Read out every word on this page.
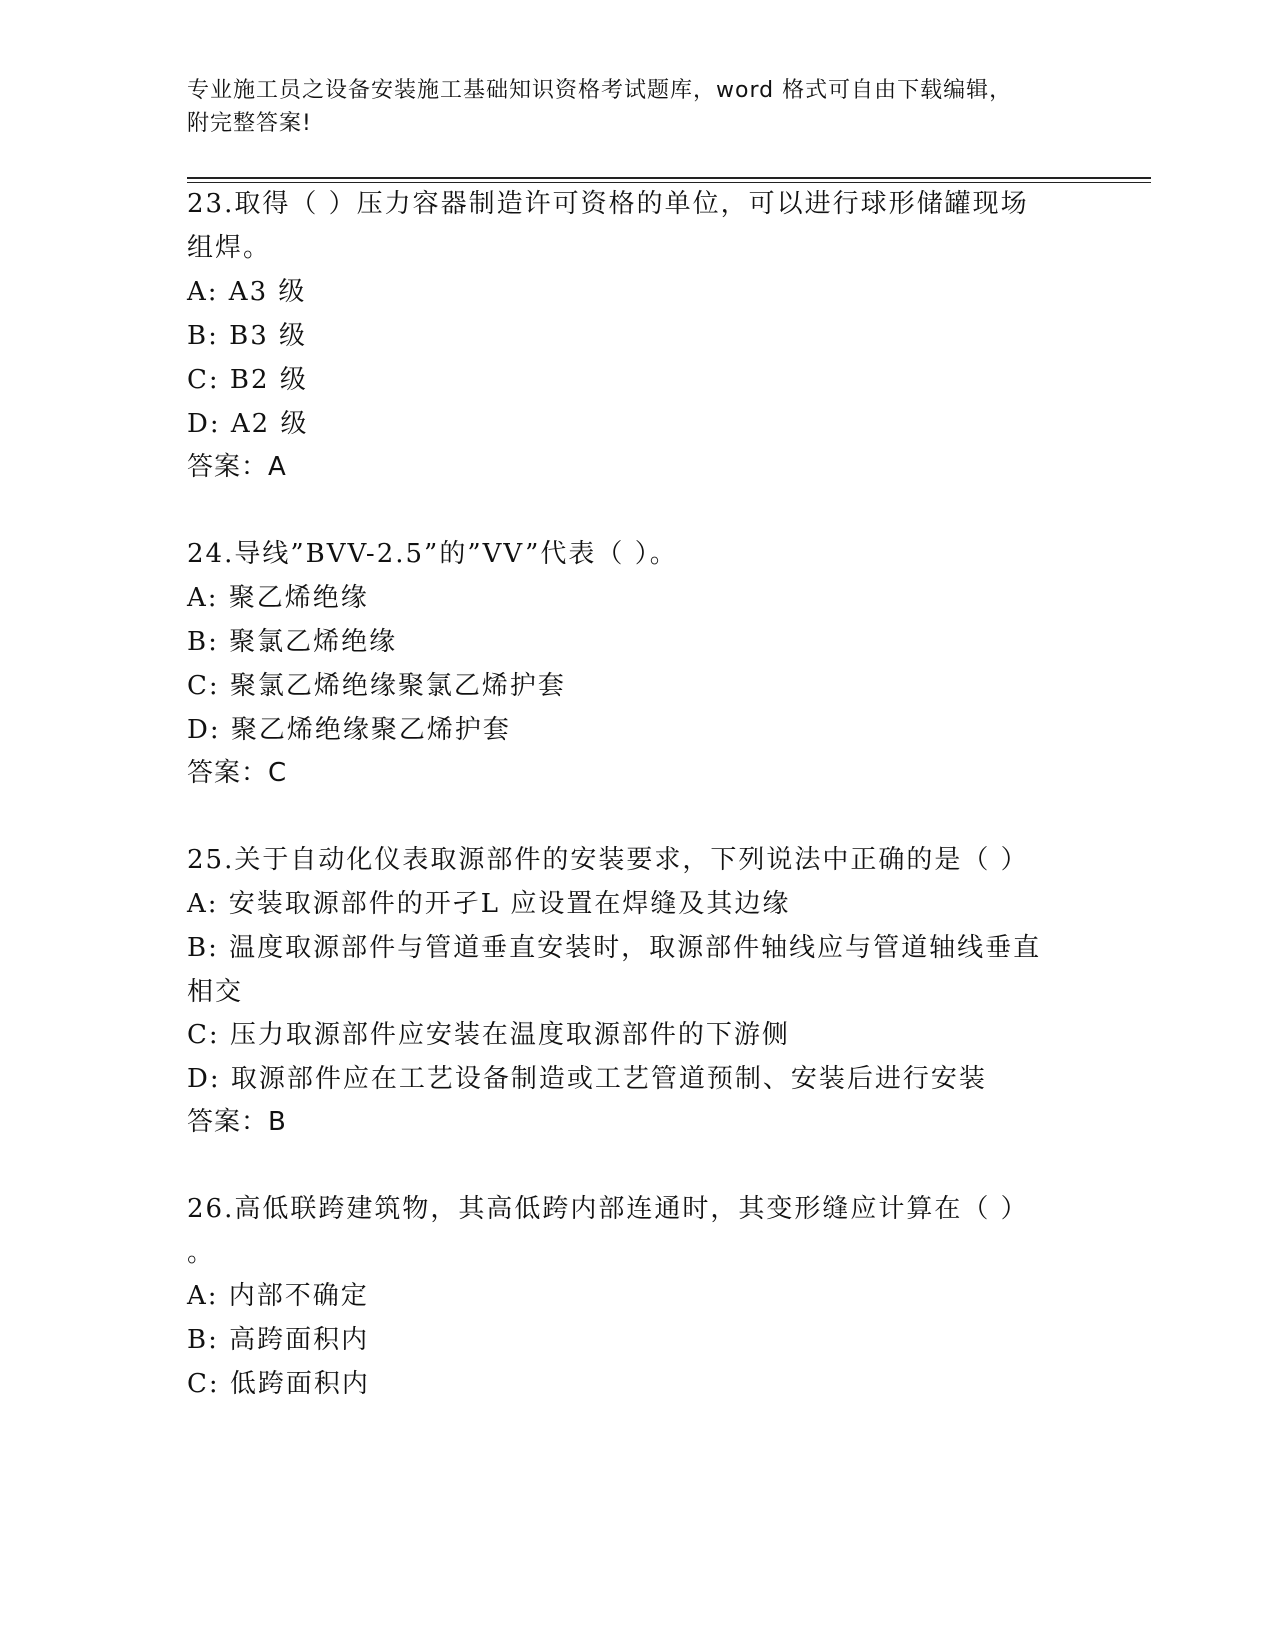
专业施工员之设备安装施工基础知识资格考试题库，word 格式可自由下载编辑，
附完整答案!
23.取得（ ）压力容器制造许可资格的单位，可以进行球形储罐现场
组焊。
A: A3 级
B: B3 级
C: B2 级
D: A2 级
答案：A
24.导线”BVV-2.5”的”VV”代表（ ）。
A: 聚乙烯绝缘
B: 聚氯乙烯绝缘
C: 聚氯乙烯绝缘聚氯乙烯护套
D: 聚乙烯绝缘聚乙烯护套
答案：C
25.关于自动化仪表取源部件的安装要求，下列说法中正确的是（ ）
A: 安装取源部件的开孑L 应设置在焊缝及其边缘
B: 温度取源部件与管道垂直安装时，取源部件轴线应与管道轴线垂直
相交
C: 压力取源部件应安装在温度取源部件的下游侧
D: 取源部件应在工艺设备制造或工艺管道预制、安装后进行安装
答案：B
26.高低联跨建筑物，其高低跨内部连通时，其变形缝应计算在（ ）
。
A: 内部不确定
B: 高跨面积内
C: 低跨面积内
